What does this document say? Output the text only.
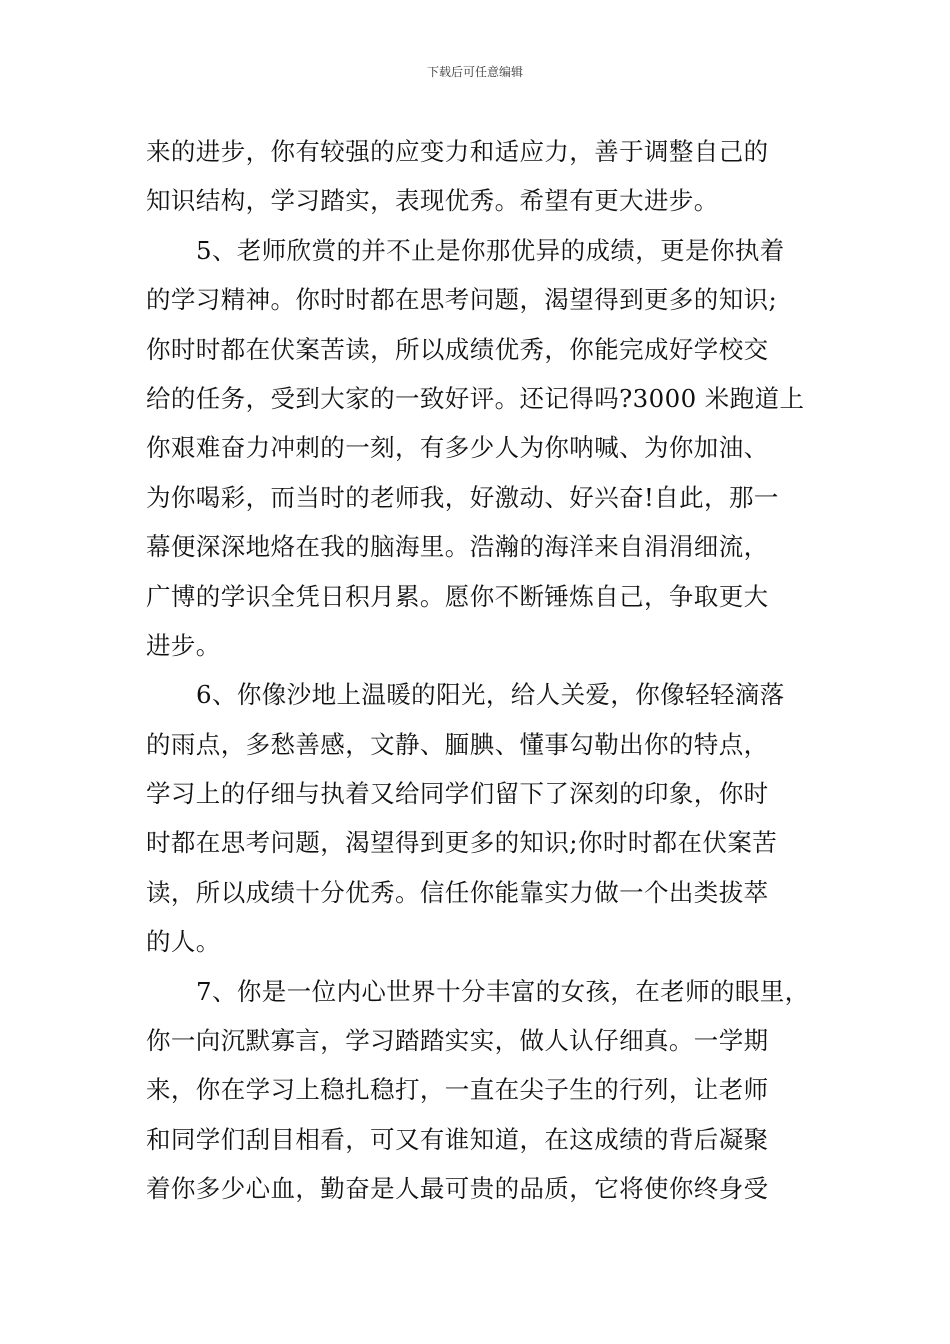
下载后可任意编辑
来的进步，你有较强的应变力和适应力，善于调整自己的
知识结构，学习踏实，表现优秀。希望有更大进步。
5、老师欣赏的并不止是你那优异的成绩，更是你执着
的学习精神。你时时都在思考问题，渴望得到更多的知识;
你时时都在伏案苦读，所以成绩优秀，你能完成好学校交
给的任务，受到大家的一致好评。还记得吗?3000 米跑道上
你艰难奋力冲刺的一刻，有多少人为你呐喊、为你加油、
为你喝彩，而当时的老师我，好激动、好兴奋!自此，那一
幕便深深地烙在我的脑海里。浩瀚的海洋来自涓涓细流，
广博的学识全凭日积月累。愿你不断锤炼自己，争取更大
进步。
6、你像沙地上温暖的阳光，给人关爱，你像轻轻滴落
的雨点，多愁善感，文静、腼腆、懂事勾勒出你的特点，
学习上的仔细与执着又给同学们留下了深刻的印象，你时
时都在思考问题，渴望得到更多的知识;你时时都在伏案苦
读，所以成绩十分优秀。信任你能靠实力做一个出类拔萃
的人。
7、你是一位内心世界十分丰富的女孩，在老师的眼里，
你一向沉默寡言，学习踏踏实实，做人认仔细真。一学期
来，你在学习上稳扎稳打，一直在尖子生的行列，让老师
和同学们刮目相看，可又有谁知道，在这成绩的背后凝聚
着你多少心血，勤奋是人最可贵的品质，它将使你终身受
